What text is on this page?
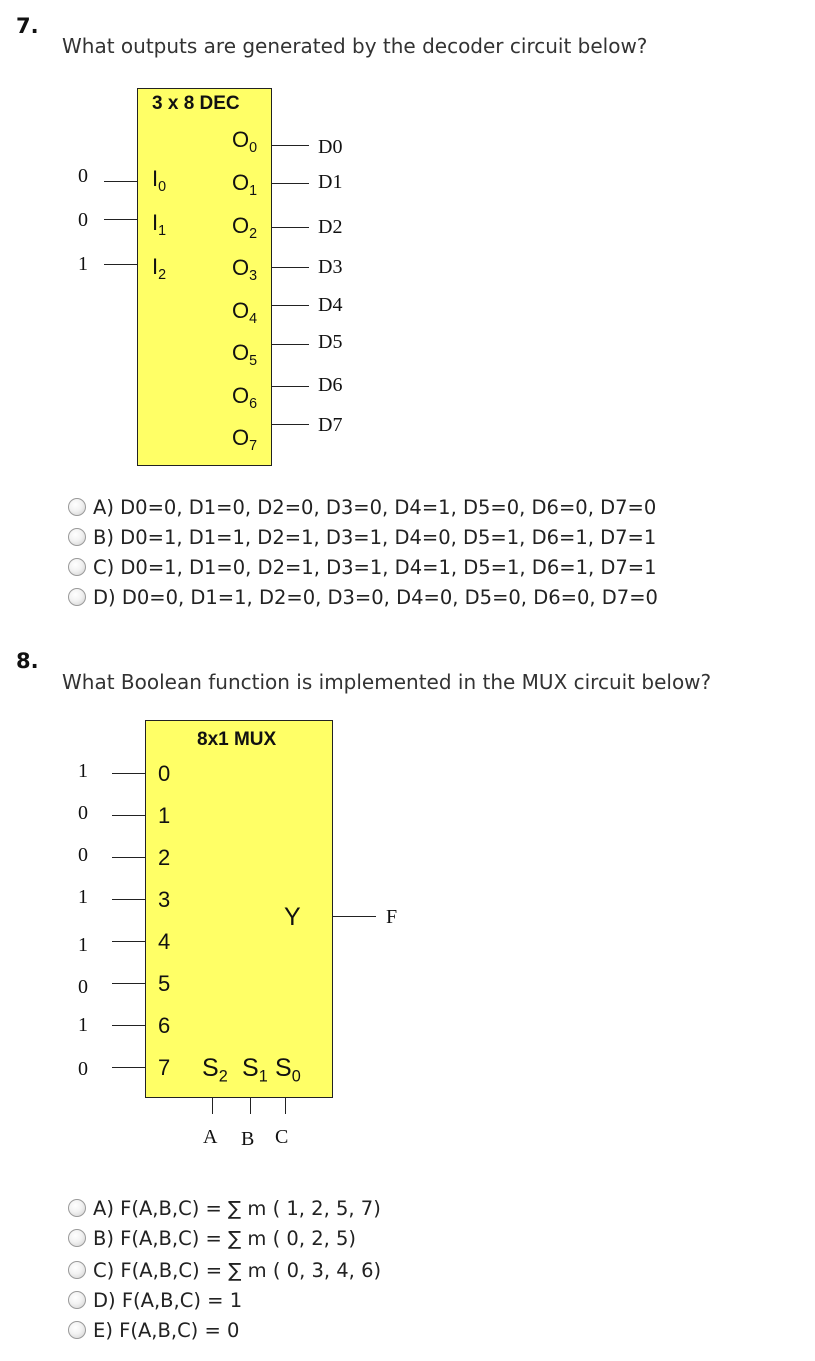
7.
What outputs are generated by the decoder circuit below?
3 x 8 DEC
0	$I_0$
0	$I_1$
1	$I_2$
$O_0$	D0
$O_1$	D1
$O_2$	D2
$O_3$	D3
$O_4$
D4
$O_5$
D5
$O_6$
D6
$O_7$
D7
A) D0=0, D1=0, D2=0, D3=0, D4=1, D5=0, D6=0, D7=0
B) D0=1, D1=1, D2=1, D3=1, D4=0, D5=1, D6=1, D7=1
C) D0=1, D1=0, D2=1, D3=1, D4=1, D5=1, D6=1, D7=1
D) D0=0, D1=1, D2=0, D3=0, D4=0, D5=0, D6=0, D7=0
8.
What Boolean function is implemented in the MUX circuit below?
8x1 MUX
1	0
0	1
0	2
1	3
1	4
0	5
1	6
0	7
Y	F
$S_2$ $S_1$ $S_0$
A B C
A) F(A,B,C) = ∑ m ( 1, 2, 5, 7)
B) F(A,B,C) = ∑ m ( 0, 2, 5)
C) F(A,B,C) = ∑ m ( 0, 3, 4, 6)
D) F(A,B,C) = 1
E) F(A,B,C) = 0
